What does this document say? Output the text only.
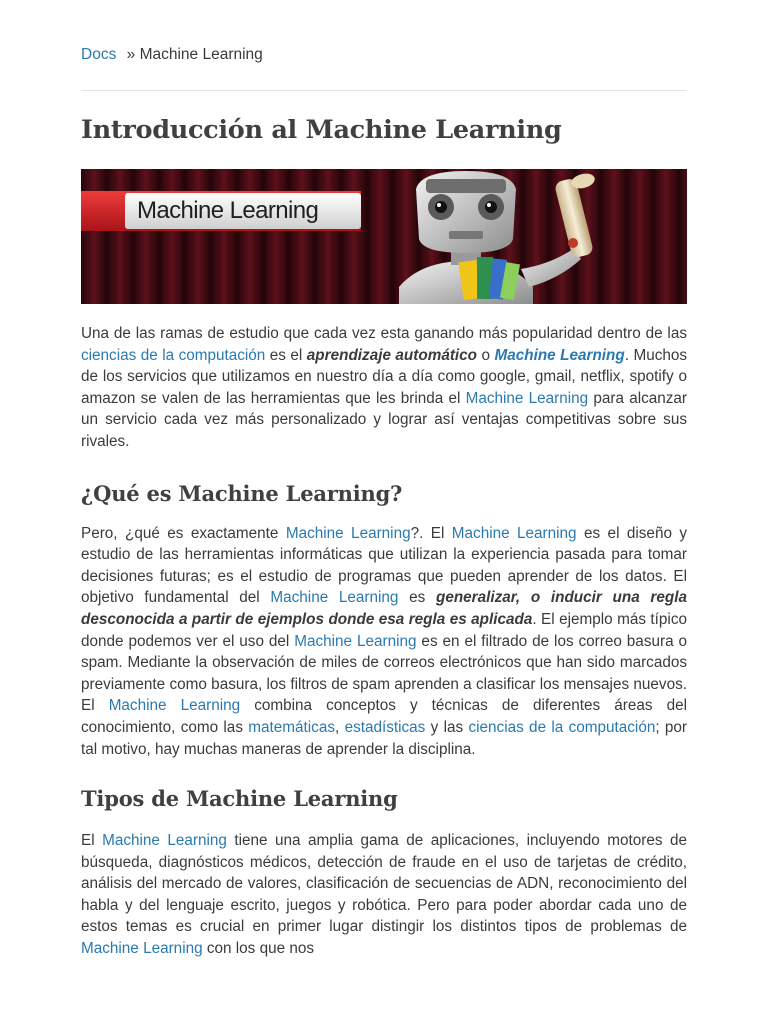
Docs » Machine Learning
Introducción al Machine Learning
Machine Learning

Una de las ramas de estudio que cada vez esta ganando más popularidad dentro de las ciencias de la computación es el aprendizaje automático o Machine Learning. Muchos de los servicios que utilizamos en nuestro día a día como google, gmail, netflix, spotify o amazon se valen de las herramientas que les brinda el Machine Learning para alcanzar un servicio cada vez más personalizado y lograr así ventajas competitivas sobre sus rivales.

¿Qué es Machine Learning?

Pero, ¿qué es exactamente Machine Learning?. El Machine Learning es el diseño y estudio de las herramientas informáticas que utilizan la experiencia pasada para tomar decisiones futuras; es el estudio de programas que pueden aprender de los datos. El objetivo fundamental del Machine Learning es generalizar, o inducir una regla desconocida a partir de ejemplos donde esa regla es aplicada. El ejemplo más típico donde podemos ver el uso del Machine Learning es en el filtrado de los correo basura o spam. Mediante la observación de miles de correos electrónicos que han sido marcados previamente como basura, los filtros de spam aprenden a clasificar los mensajes nuevos. El Machine Learning combina conceptos y técnicas de diferentes áreas del conocimiento, como las matemáticas, estadísticas y las ciencias de la computación; por tal motivo, hay muchas maneras de aprender la disciplina.

Tipos de Machine Learning

El Machine Learning tiene una amplia gama de aplicaciones, incluyendo motores de búsqueda, diagnósticos médicos, detección de fraude en el uso de tarjetas de crédito, análisis del mercado de valores, clasificación de secuencias de ADN, reconocimiento del habla y del lenguaje escrito, juegos y robótica. Pero para poder abordar cada uno de estos temas es crucial en primer lugar distingir los distintos tipos de problemas de Machine Learning con los que nos
